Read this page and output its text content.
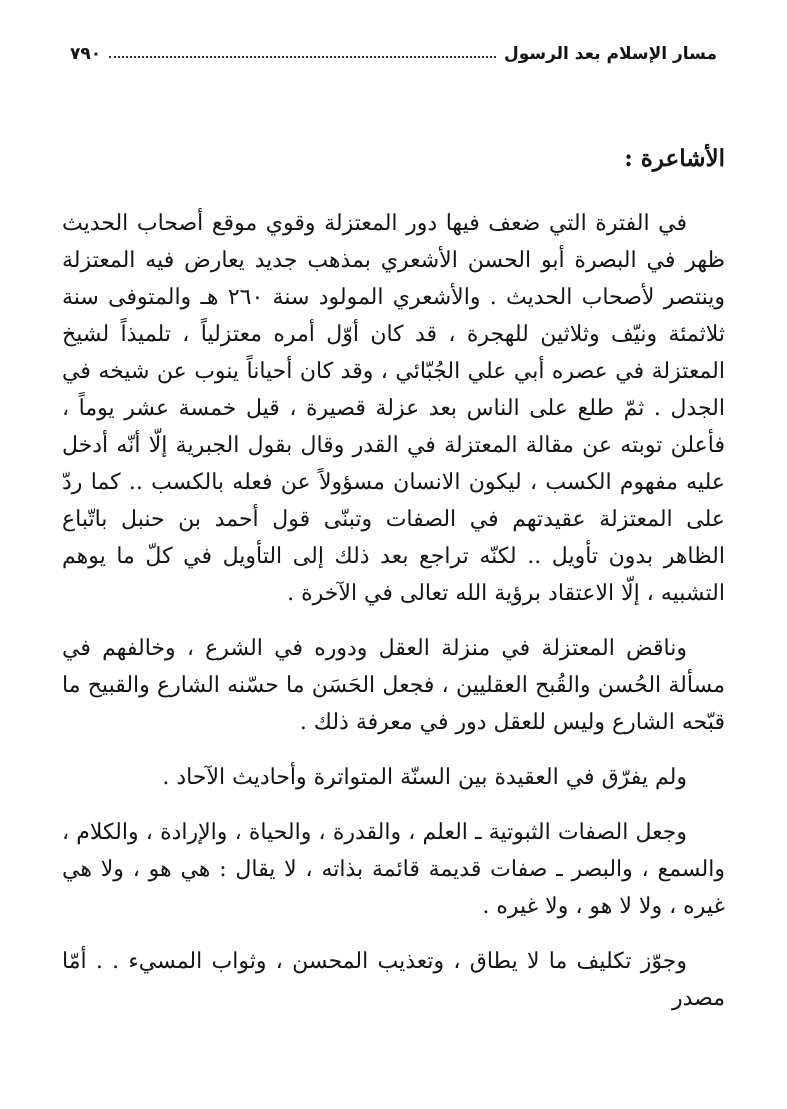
٧٩٠	مسار الإسلام بعد الرسول
الأشاعرة :

في الفترة التي ضعف فيها دور المعتزلة وقوي موقع أصحاب الحديث ظهر في البصرة أبو الحسن الأشعري بمذهب جديد يعارض فيه المعتزلة وينتصر لأصحاب الحديث . والأشعري المولود سنة ٢٦٠ هـ والمتوفى سنة ثلاثمئة ونيّف وثلاثين للهجرة ، قد كان أوّل أمره معتزلياً ، تلميذاً لشيخ المعتزلة في عصره أبي علي الجُبّائي ، وقد كان أحياناً ينوب عن شيخه في الجدل . ثمّ طلع على الناس بعد عزلة قصيرة ، قيل خمسة عشر يوماً ، فأعلن توبته عن مقالة المعتزلة في القدر وقال بقول الجبرية إلّا أنّه أدخل عليه مفهوم الكسب ، ليكون الانسان مسؤولاً عن فعله بالكسب .. كما ردّ على المعتزلة عقيدتهم في الصفات وتبنّى قول أحمد بن حنبل باتّباع الظاهر بدون تأويل .. لكنّه تراجع بعد ذلك إلى التأويل في كلّ ما يوهم التشبيه ، إلّا الاعتقاد برؤية الله تعالى في الآخرة .

وناقض المعتزلة في منزلة العقل ودوره في الشرع ، وخالفهم في مسألة الحُسن والقُبح العقليين ، فجعل الحَسَن ما حسّنه الشارع والقبيح ما قبّحه الشارع وليس للعقل دور في معرفة ذلك .

ولم يفرّق في العقيدة بين السنّة المتواترة وأحاديث الآحاد .

وجعل الصفات الثبوتية ـ العلم ، والقدرة ، والحياة ، والإرادة ، والكلام ، والسمع ، والبصر ـ صفات قديمة قائمة بذاته ، لا يقال : هي هو ، ولا هي غيره ، ولا لا هو ، ولا غيره .

وجوّز تكليف ما لا يطاق ، وتعذيب المحسن ، وثواب المسيء . . أمّا مصدر
